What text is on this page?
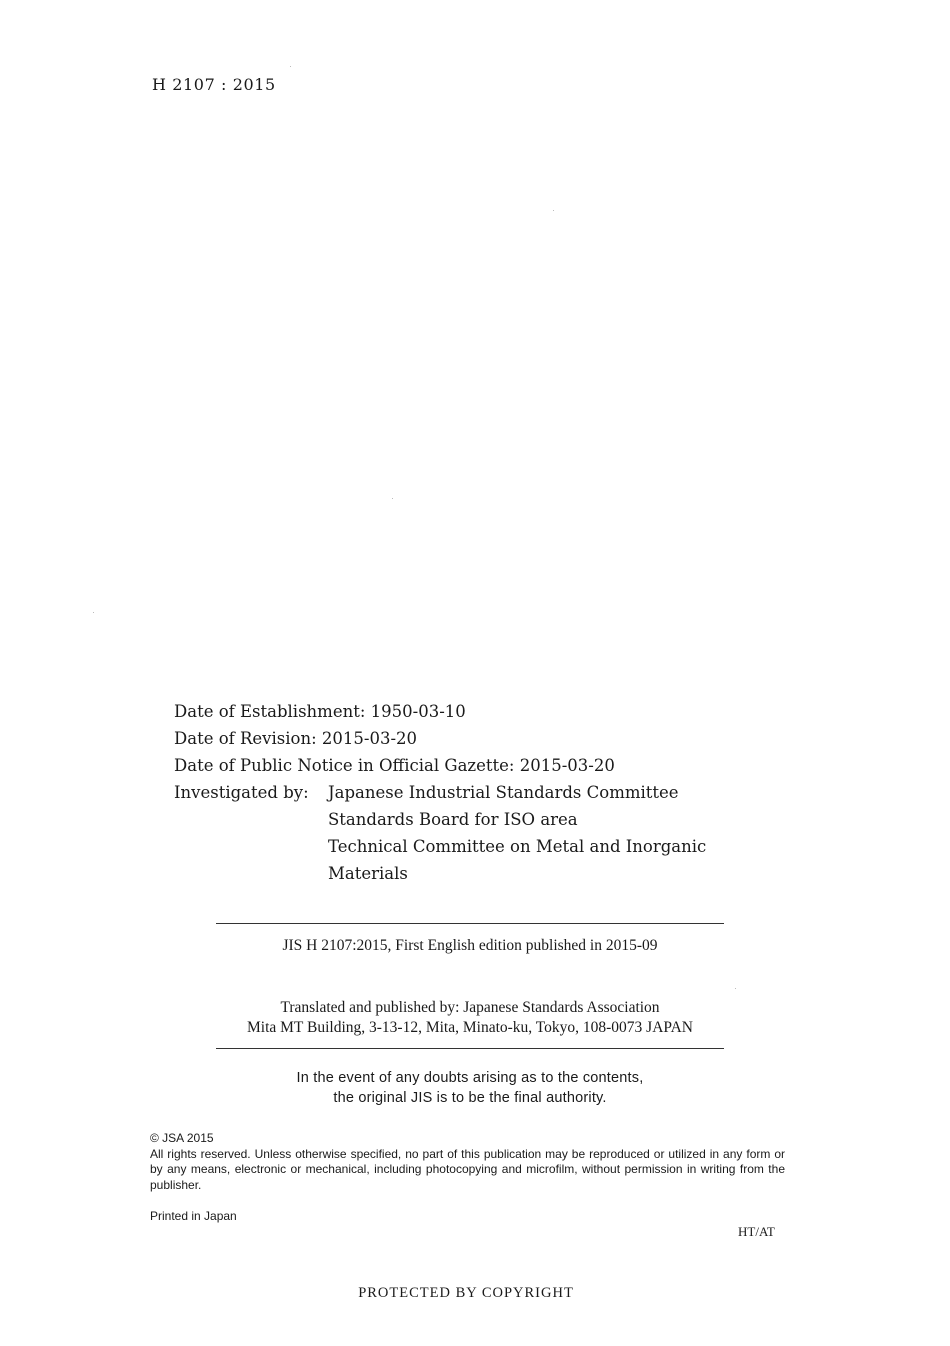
H 2107 : 2015
Date of Establishment: 1950-03-10
Date of Revision: 2015-03-20
Date of Public Notice in Official Gazette: 2015-03-20
Investigated by:	Japanese Industrial Standards Committee
Standards Board for ISO area
Technical Committee on Metal and Inorganic
Materials
JIS H 2107:2015, First English edition published in 2015-09
Translated and published by: Japanese Standards Association
Mita MT Building, 3-13-12, Mita, Minato-ku, Tokyo, 108-0073 JAPAN
In the event of any doubts arising as to the contents,
the original JIS is to be the final authority.
© JSA 2015
All rights reserved. Unless otherwise specified, no part of this publication may be reproduced or utilized in any form or by any means, electronic or mechanical, including photocopying and microfilm, without permission in writing from the publisher.
Printed in Japan
HT/AT
PROTECTED BY COPYRIGHT
